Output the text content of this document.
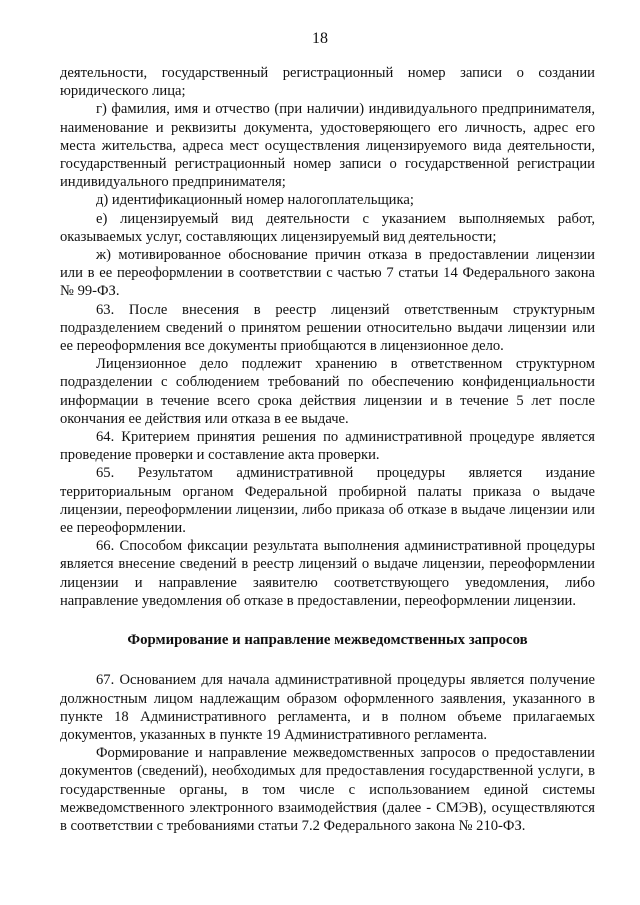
18

деятельности, государственный регистрационный номер записи о создании юридического лица;

г) фамилия, имя и отчество (при наличии) индивидуального предпринимателя, наименование и реквизиты документа, удостоверяющего его личность, адрес его места жительства, адреса мест осуществления лицензируемого вида деятельности, государственный регистрационный номер записи о государственной регистрации индивидуального предпринимателя;

д) идентификационный номер налогоплательщика;

е) лицензируемый вид деятельности с указанием выполняемых работ, оказываемых услуг, составляющих лицензируемый вид деятельности;

ж) мотивированное обоснование причин отказа в предоставлении лицензии или в ее переоформлении в соответствии с частью 7 статьи 14 Федерального закона № 99-ФЗ.

63. После внесения в реестр лицензий ответственным структурным подразделением сведений о принятом решении относительно выдачи лицензии или ее переоформления все документы приобщаются в лицензионное дело.

Лицензионное дело подлежит хранению в ответственном структурном подразделении с соблюдением требований по обеспечению конфиденциальности информации в течение всего срока действия лицензии и в течение 5 лет после окончания ее действия или отказа в ее выдаче.

64. Критерием принятия решения по административной процедуре является проведение проверки и составление акта проверки.

65. Результатом административной процедуры является издание территориальным органом Федеральной пробирной палаты приказа о выдаче лицензии, переоформлении лицензии, либо приказа об отказе в выдаче лицензии или ее переоформлении.

66. Способом фиксации результата выполнения административной процедуры является внесение сведений в реестр лицензий о выдаче лицензии, переоформлении лицензии и направление заявителю соответствующего уведомления, либо направление уведомления об отказе в предоставлении, переоформлении лицензии.

Формирование и направление межведомственных запросов

67. Основанием для начала административной процедуры является получение должностным лицом надлежащим образом оформленного заявления, указанного в пункте 18 Административного регламента, и в полном объеме прилагаемых документов, указанных в пункте 19 Административного регламента.

Формирование и направление межведомственных запросов о предоставлении документов (сведений), необходимых для предоставления государственной услуги, в государственные органы, в том числе с использованием единой системы межведомственного электронного взаимодействия (далее - СМЭВ), осуществляются в соответствии с требованиями статьи 7.2 Федерального закона № 210-ФЗ.
